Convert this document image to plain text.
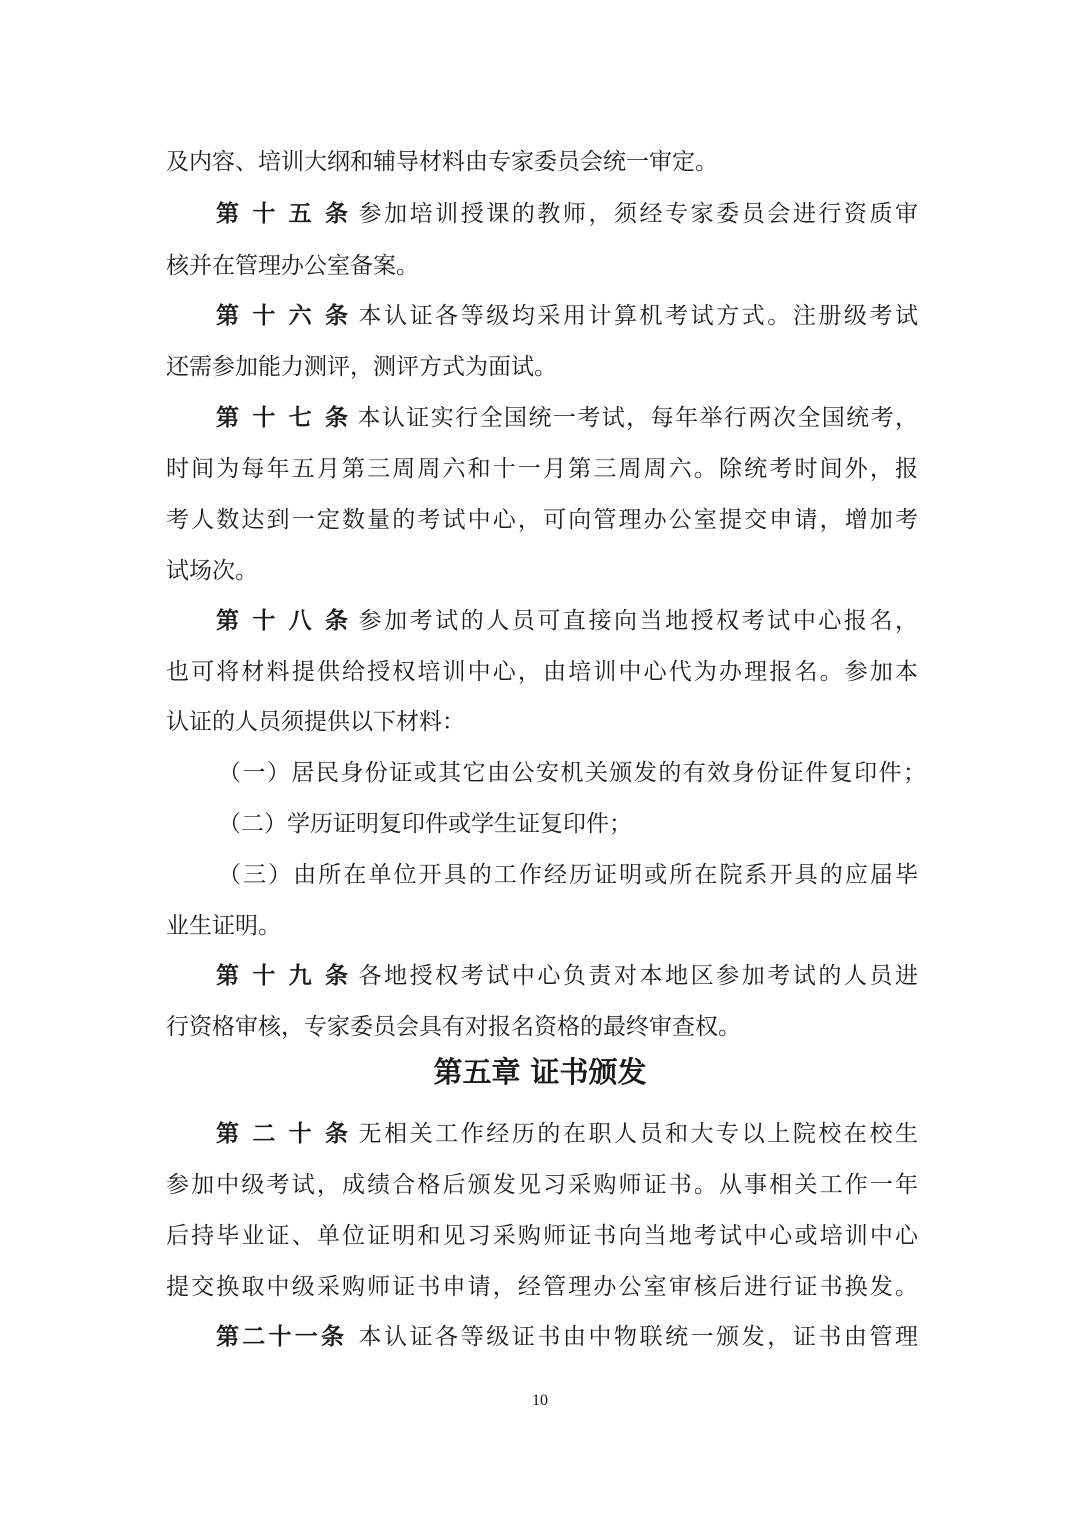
及内容、培训大纲和辅导材料由专家委员会统一审定。
第十五条 参加培训授课的教师，须经专家委员会进行资质审
核并在管理办公室备案。
第十六条 本认证各等级均采用计算机考试方式。注册级考试
还需参加能力测评，测评方式为面试。
第十七条 本认证实行全国统一考试，每年举行两次全国统考，
时间为每年五月第三周周六和十一月第三周周六。除统考时间外，报
考人数达到一定数量的考试中心，可向管理办公室提交申请，增加考
试场次。
第十八条 参加考试的人员可直接向当地授权考试中心报名，
也可将材料提供给授权培训中心，由培训中心代为办理报名。参加本
认证的人员须提供以下材料：
（一）居民身份证或其它由公安机关颁发的有效身份证件复印件；
（二）学历证明复印件或学生证复印件；
（三）由所在单位开具的工作经历证明或所在院系开具的应届毕
业生证明。
第十九条 各地授权考试中心负责对本地区参加考试的人员进
行资格审核，专家委员会具有对报名资格的最终审查权。
第五章 证书颁发
第二十条 无相关工作经历的在职人员和大专以上院校在校生
参加中级考试，成绩合格后颁发见习采购师证书。从事相关工作一年
后持毕业证、单位证明和见习采购师证书向当地考试中心或培训中心
提交换取中级采购师证书申请，经管理办公室审核后进行证书换发。
第二十一条 本认证各等级证书由中物联统一颁发，证书由管理
10
